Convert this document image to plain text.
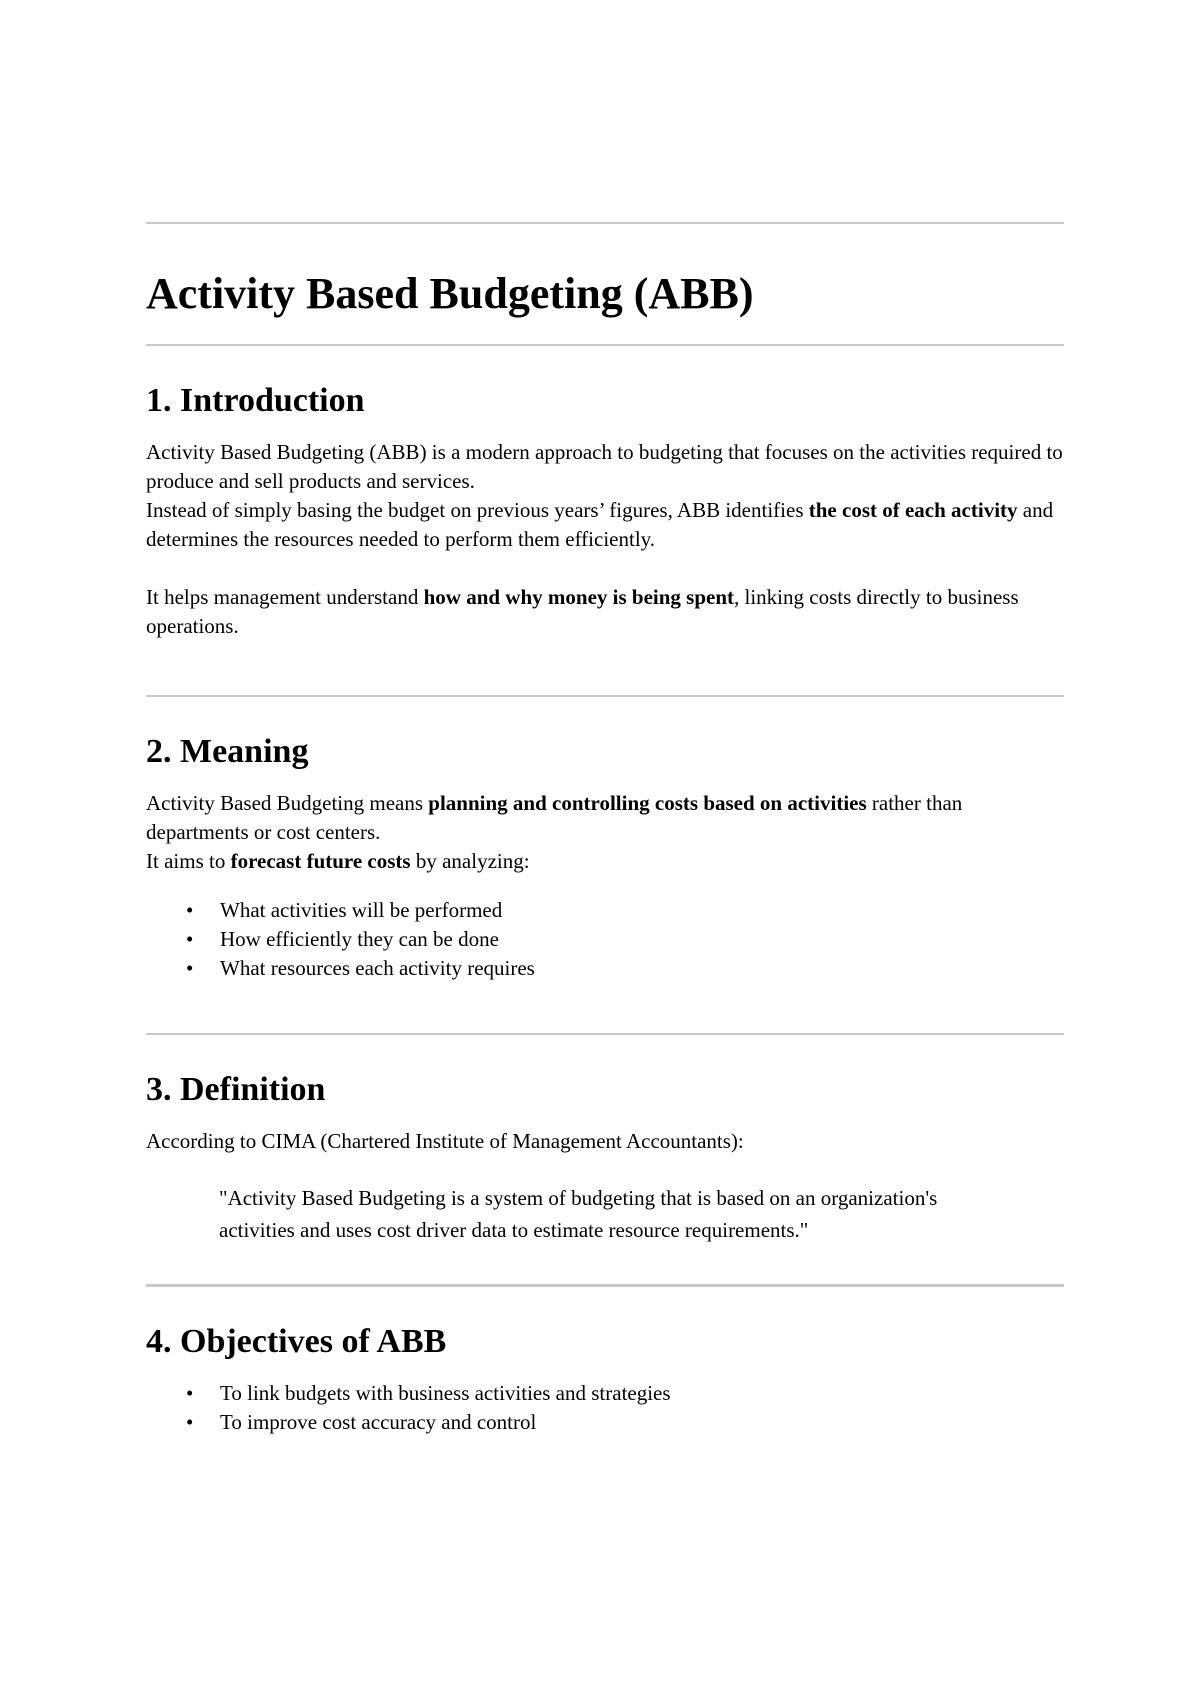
Activity Based Budgeting (ABB)
1. Introduction

Activity Based Budgeting (ABB) is a modern approach to budgeting that focuses on the activities required to produce and sell products and services.

Instead of simply basing the budget on previous years’ figures, ABB identifies the cost of each activity and determines the resources needed to perform them efficiently.

It helps management understand how and why money is being spent, linking costs directly to business operations.

2. Meaning

Activity Based Budgeting means planning and controlling costs based on activities rather than departments or cost centers.

It aims to forecast future costs by analyzing:

• What activities will be performed
• How efficiently they can be done
• What resources each activity requires
3. Definition

According to CIMA (Chartered Institute of Management Accountants):

"Activity Based Budgeting is a system of budgeting that is based on an organization's activities and uses cost driver data to estimate resource requirements."

4. Objectives of ABB
• To link budgets with business activities and strategies
• To improve cost accuracy and control
